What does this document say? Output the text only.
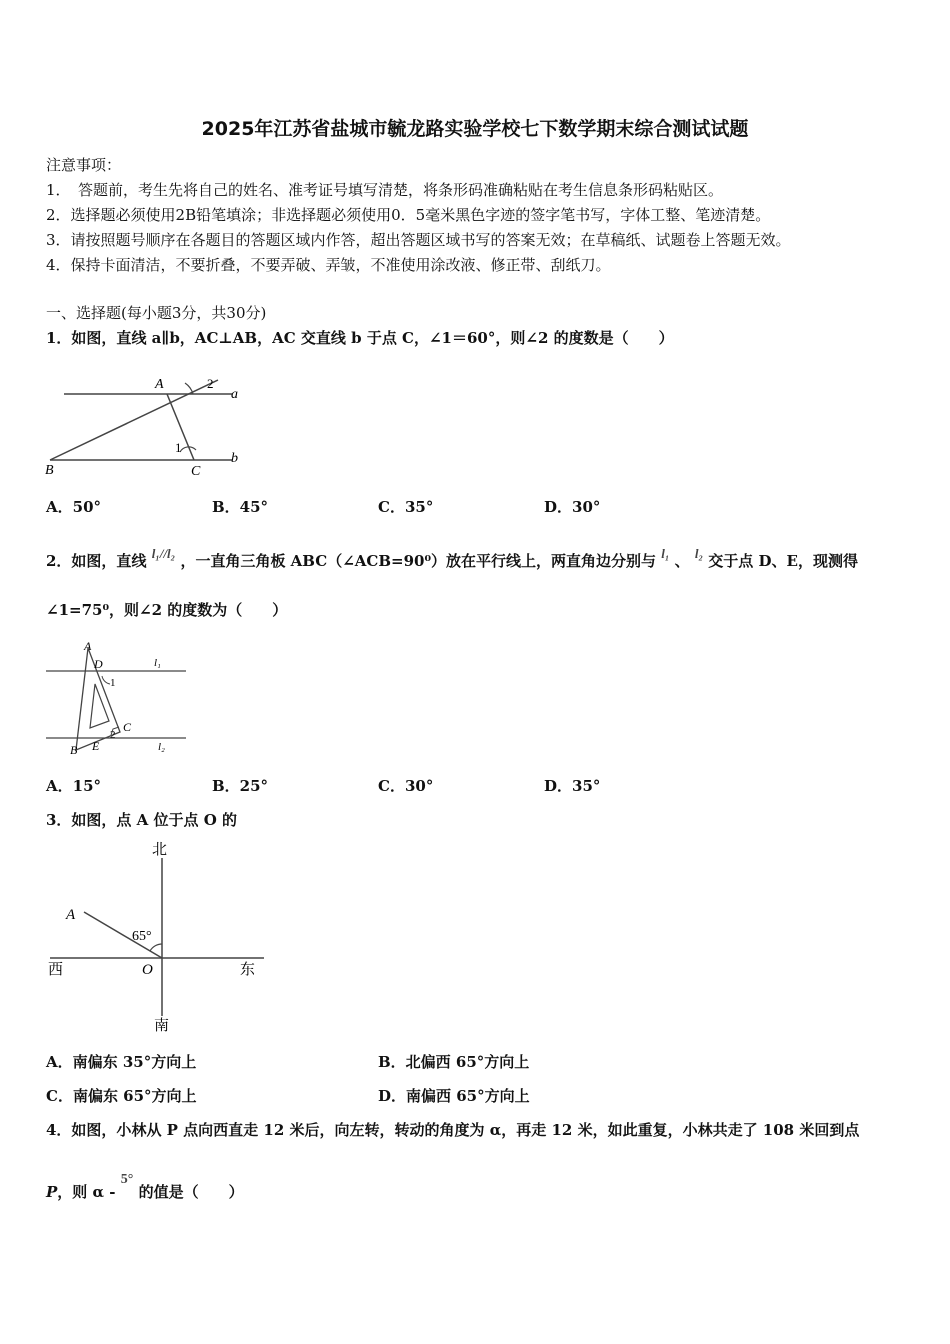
2025年江苏省盐城市毓龙路实验学校七下数学期末综合测试试题
注意事项：
1．　答题前，考生先将自己的姓名、准考证号填写清楚，将条形码准确粘贴在考生信息条形码粘贴区。
2．选择题必须使用2B铅笔填涂；非选择题必须使用0．5毫米黑色字迹的签字笔书写，字体工整、笔迹清楚。
3．请按照题号顺序在各题目的答题区域内作答，超出答题区域书写的答案无效；在草稿纸、试题卷上答题无效。
4．保持卡面清洁，不要折叠，不要弄破、弄皱，不准使用涂改液、修正带、刮纸刀。
一、选择题(每小题3分，共30分)
1．如图，直线 a∥b，AC⊥AB，AC 交直线 b 于点 C，∠1＝60°，则∠2 的度数是（　　）
A
B	C
a
b
1
2
A．50°	B．45°	C．35°	D．30°
2．如图，直线 l₁//l₂ ，一直角三角板 ABC（∠ACB=90⁰）放在平行线上，两直角边分别与 l₁ 、 l₂ 交于点 D、E，现测得
∠1=75⁰，则∠2 的度数为（　　）
A
B
C
D
E
l₁
l₂
1
2
A．15°	B．25°	C．30°	D．35°
3．如图，点 A 位于点 O 的
北
南
西	东
O
A
65°
A．南偏东 35°方向上	B．北偏西 65°方向上
C．南偏东 65°方向上	D．南偏西 65°方向上
4．如图，小林从 P 点向西直走 12 米后，向左转，转动的角度为 α，再走 12 米，如此重复，小林共走了 108 米回到点
P，则 α - 5° 的值是（　　）
